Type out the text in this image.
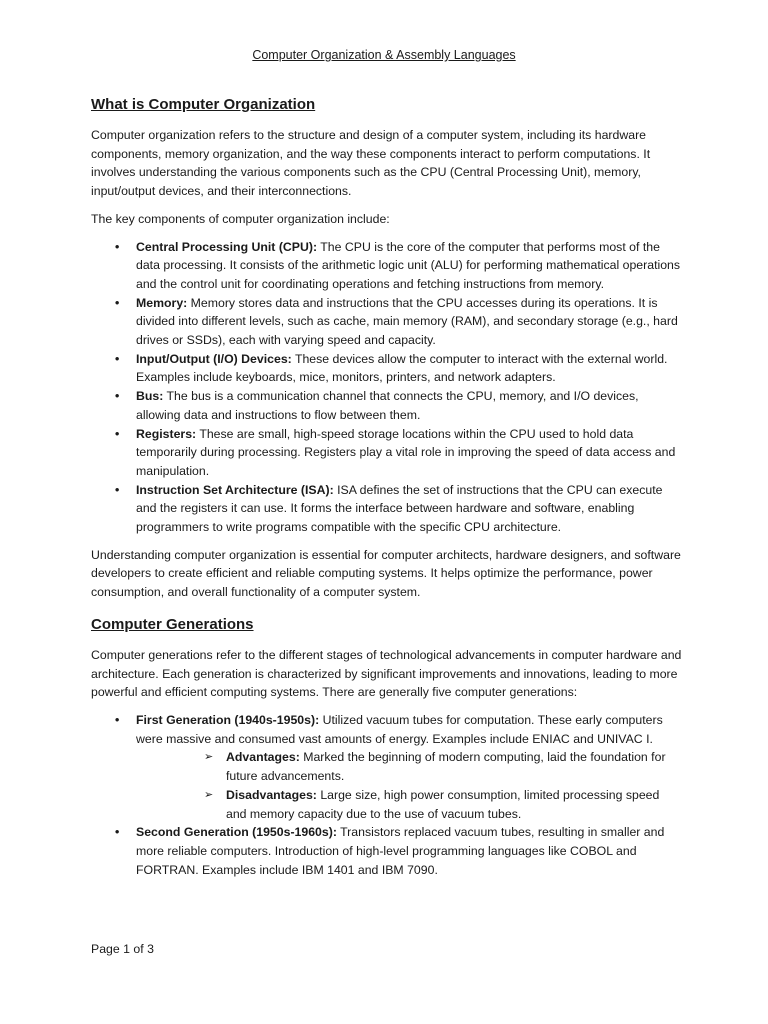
Computer Organization & Assembly Languages

What is Computer Organization

Computer organization refers to the structure and design of a computer system, including its hardware components, memory organization, and the way these components interact to perform computations. It involves understanding the various components such as the CPU (Central Processing Unit), memory, input/output devices, and their interconnections.

The key components of computer organization include:

• Central Processing Unit (CPU): The CPU is the core of the computer that performs most of the data processing. It consists of the arithmetic logic unit (ALU) for performing mathematical operations and the control unit for coordinating operations and fetching instructions from memory.
• Memory: Memory stores data and instructions that the CPU accesses during its operations. It is divided into different levels, such as cache, main memory (RAM), and secondary storage (e.g., hard drives or SSDs), each with varying speed and capacity.
• Input/Output (I/O) Devices: These devices allow the computer to interact with the external world. Examples include keyboards, mice, monitors, printers, and network adapters.
• Bus: The bus is a communication channel that connects the CPU, memory, and I/O devices, allowing data and instructions to flow between them.
• Registers: These are small, high-speed storage locations within the CPU used to hold data temporarily during processing. Registers play a vital role in improving the speed of data access and manipulation.
• Instruction Set Architecture (ISA): ISA defines the set of instructions that the CPU can execute and the registers it can use. It forms the interface between hardware and software, enabling programmers to write programs compatible with the specific CPU architecture.

Understanding computer organization is essential for computer architects, hardware designers, and software developers to create efficient and reliable computing systems. It helps optimize the performance, power consumption, and overall functionality of a computer system.

Computer Generations

Computer generations refer to the different stages of technological advancements in computer hardware and architecture. Each generation is characterized by significant improvements and innovations, leading to more powerful and efficient computing systems. There are generally five computer generations:

• First Generation (1940s-1950s): Utilized vacuum tubes for computation. These early computers were massive and consumed vast amounts of energy. Examples include ENIAC and UNIVAC I.
➢ Advantages: Marked the beginning of modern computing, laid the foundation for future advancements.
➢ Disadvantages: Large size, high power consumption, limited processing speed and memory capacity due to the use of vacuum tubes.
• Second Generation (1950s-1960s): Transistors replaced vacuum tubes, resulting in smaller and more reliable computers. Introduction of high-level programming languages like COBOL and FORTRAN. Examples include IBM 1401 and IBM 7090.
Page 1 of 3
